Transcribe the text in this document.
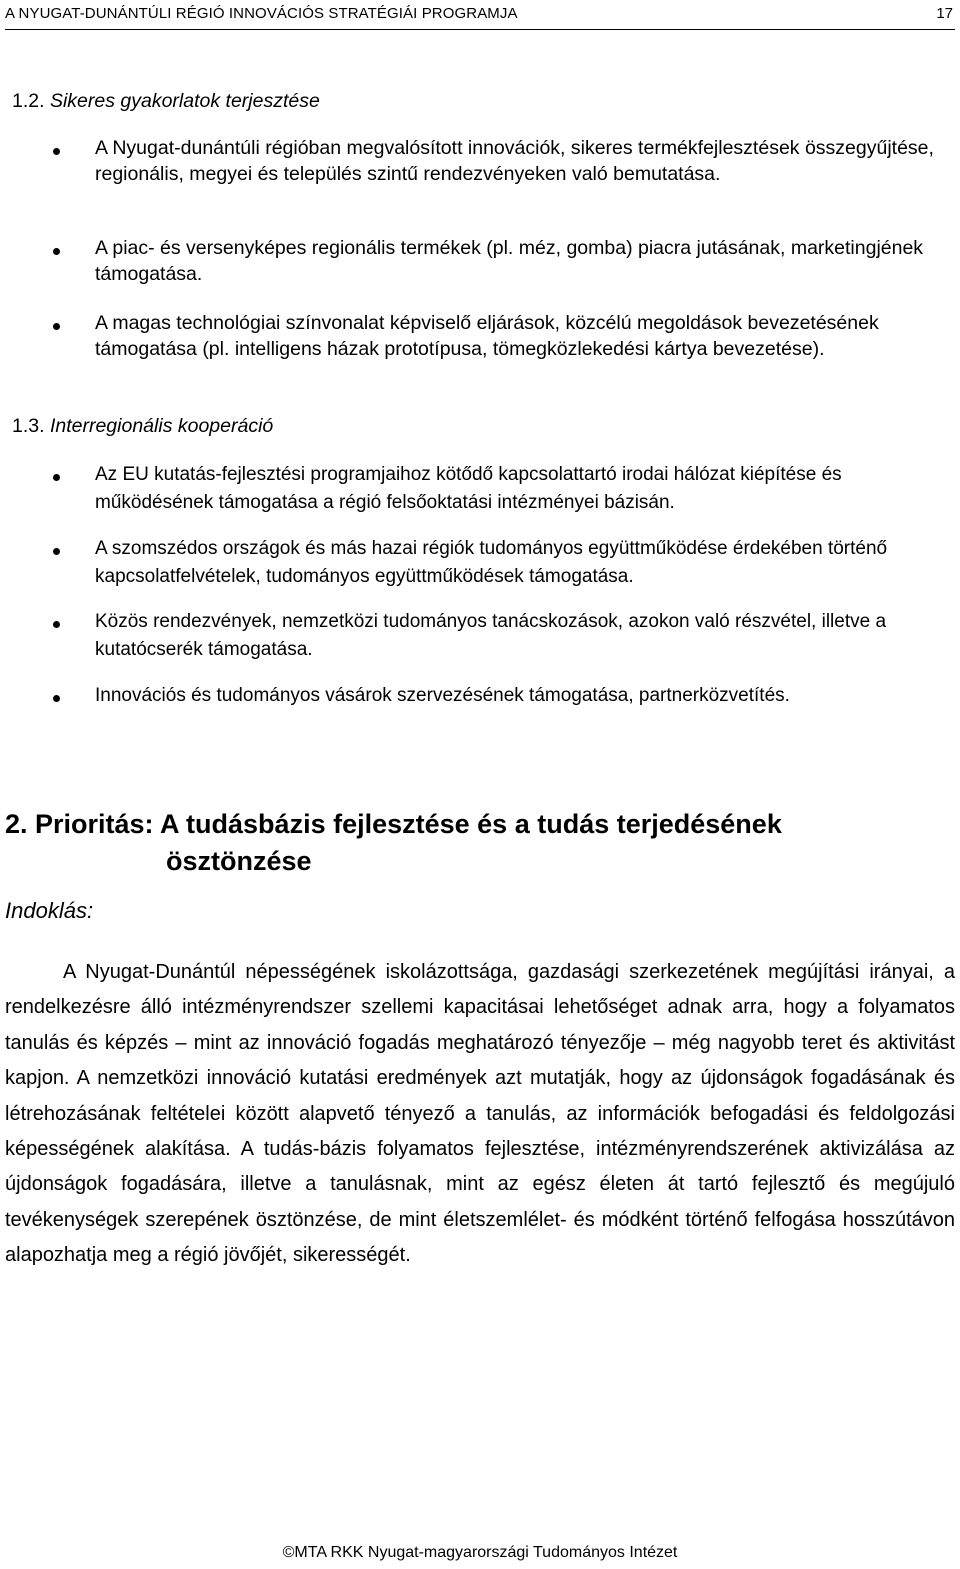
A NYUGAT-DUNÁNTÚLI RÉGIÓ INNOVÁCIÓS STRATÉGIÁI PROGRAMJA	17
1.2. Sikeres gyakorlatok terjesztése
A Nyugat-dunántúli régióban megvalósított innovációk, sikeres termékfejlesztések összegyűjtése, regionális, megyei és település szintű rendezvényeken való bemutatása.
A piac- és versenyképes regionális termékek (pl. méz, gomba) piacra jutásának, marketingjének támogatása.
A magas technológiai színvonalat képviselő eljárások, közcélú megoldások bevezetésének támogatása (pl. intelligens házak prototípusa, tömegközlekedési kártya bevezetése).
1.3. Interregionális kooperáció
Az EU kutatás-fejlesztési programjaihoz kötődő kapcsolattartó irodai hálózat kiépítése és működésének támogatása a régió felsőoktatási intézményei bázisán.
A szomszédos országok és más hazai régiók tudományos együttműködése érdekében történő kapcsolatfelvételek, tudományos együttműködések támogatása.
Közös rendezvények, nemzetközi tudományos tanácskozások, azokon való részvétel, illetve a kutatócserék támogatása.
Innovációs és tudományos vásárok szervezésének támogatása, partnerközvetítés.
2. Prioritás: A tudásbázis fejlesztése és a tudás terjedésének
ösztönzése
Indoklás:
A Nyugat-Dunántúl népességének iskolázottsága, gazdasági szerkezetének megújítási irányai, a rendelkezésre álló intézményrendszer szellemi kapacitásai lehetőséget adnak arra, hogy a folyamatos tanulás és képzés – mint az innováció fogadás meghatározó tényezője – még nagyobb teret és aktivitást kapjon. A nemzetközi innováció kutatási eredmények azt mutatják, hogy az újdonságok fogadásának és létrehozásának feltételei között alapvető tényező a tanulás, az információk befogadási és feldolgozási képességének alakítása. A tudás-bázis folyamatos fejlesztése, intézményrendszerének aktivizálása az újdonságok fogadására, illetve a tanulásnak, mint az egész életen át tartó fejlesztő és megújuló tevékenységek szerepének ösztönzése, de mint életszemlélet- és módként történő felfogása hosszútávon alapozhatja meg a régió jövőjét, sikerességét.
©MTA RKK Nyugat-magyarországi Tudományos Intézet
